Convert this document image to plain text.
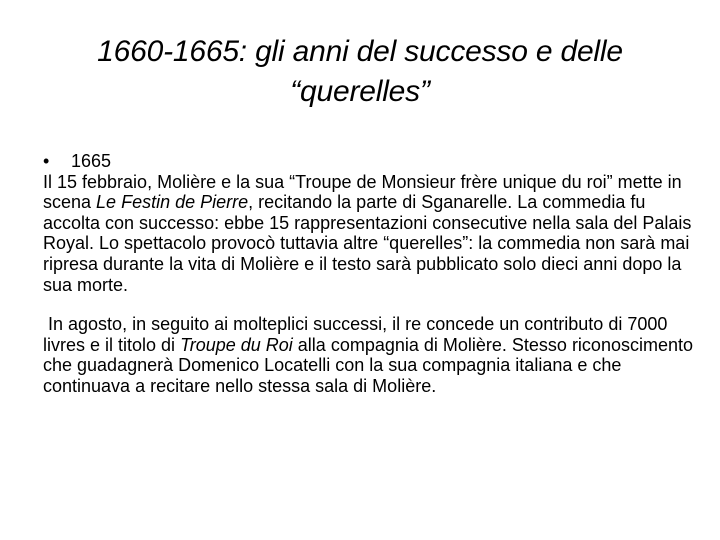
1660-1665: gli anni del successo e delle
“querelles”
• 1665
Il 15 febbraio, Molière e la sua “Troupe de Monsieur frère unique du roi” mette in scena Le Festin de Pierre, recitando la parte di Sganarelle. La commedia fu accolta con successo: ebbe 15 rappresentazioni consecutive nella sala del Palais Royal. Lo spettacolo provocò tuttavia altre “querelles”: la commedia non sarà mai ripresa durante la vita di Molière e il testo sarà pubblicato solo dieci anni dopo la sua morte.
In agosto, in seguito ai molteplici successi, il re concede un contributo di 7000 livres e il titolo di Troupe du Roi alla compagnia di Molière. Stesso riconoscimento che guadagnerà Domenico Locatelli con la sua compagnia italiana e che continuava a recitare nello stessa sala di Molière.
